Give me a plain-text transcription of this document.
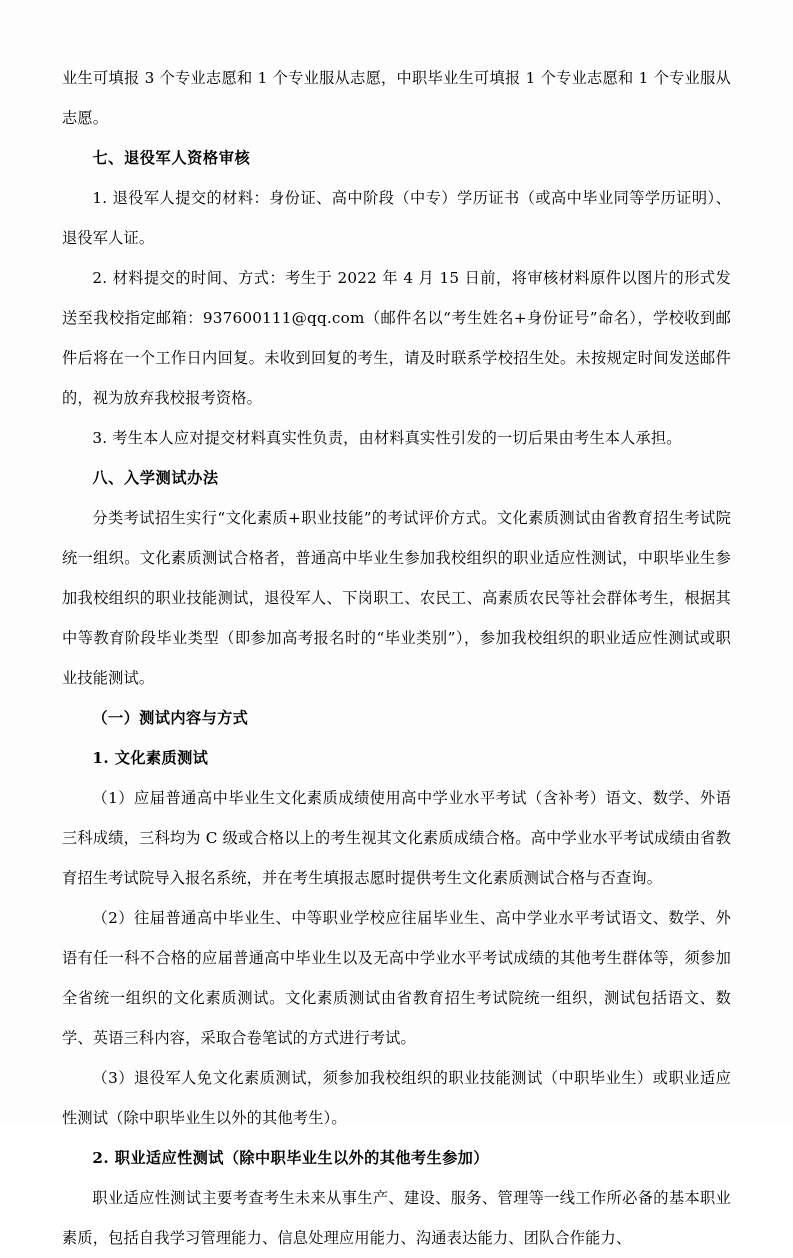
业生可填报 3 个专业志愿和 1 个专业服从志愿，中职毕业生可填报 1 个专业志愿和 1 个专业服从志愿。

七、退役军人资格审核

1. 退役军人提交的材料：身份证、高中阶段（中专）学历证书（或高中毕业同等学历证明）、退役军人证。

2. 材料提交的时间、方式：考生于 2022 年 4 月 15 日前，将审核材料原件以图片的形式发送至我校指定邮箱：937600111@qq.com（邮件名以“考生姓名+身份证号”命名），学校收到邮件后将在一个工作日内回复。未收到回复的考生，请及时联系学校招生处。未按规定时间发送邮件的，视为放弃我校报考资格。

3. 考生本人应对提交材料真实性负责，由材料真实性引发的一切后果由考生本人承担。

八、入学测试办法

分类考试招生实行“文化素质+职业技能”的考试评价方式。文化素质测试由省教育招生考试院统一组织。文化素质测试合格者，普通高中毕业生参加我校组织的职业适应性测试，中职毕业生参加我校组织的职业技能测试，退役军人、下岗职工、农民工、高素质农民等社会群体考生，根据其中等教育阶段毕业类型（即参加高考报名时的“毕业类别”），参加我校组织的职业适应性测试或职业技能测试。

（一）测试内容与方式

1. 文化素质测试

（1）应届普通高中毕业生文化素质成绩使用高中学业水平考试（含补考）语文、数学、外语三科成绩，三科均为 C 级或合格以上的考生视其文化素质成绩合格。高中学业水平考试成绩由省教育招生考试院导入报名系统，并在考生填报志愿时提供考生文化素质测试合格与否查询。

（2）往届普通高中毕业生、中等职业学校应往届毕业生、高中学业水平考试语文、数学、外语有任一科不合格的应届普通高中毕业生以及无高中学业水平考试成绩的其他考生群体等，须参加全省统一组织的文化素质测试。文化素质测试由省教育招生考试院统一组织，测试包括语文、数学、英语三科内容，采取合卷笔试的方式进行考试。

（3）退役军人免文化素质测试，须参加我校组织的职业技能测试（中职毕业生）或职业适应性测试（除中职毕业生以外的其他考生）。

2. 职业适应性测试（除中职毕业生以外的其他考生参加）

职业适应性测试主要考查考生未来从事生产、建设、服务、管理等一线工作所必备的基本职业素质，包括自我学习管理能力、信息处理应用能力、沟通表达能力、团队合作能力、
